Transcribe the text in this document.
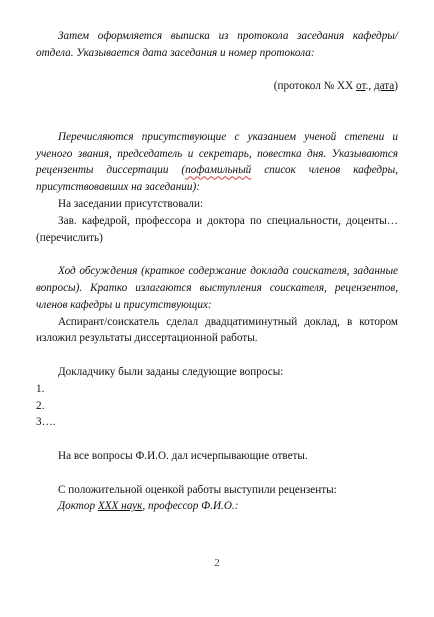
Затем оформляется выписка из протокола заседания кафедры/отдела. Указывается дата заседания и номер протокола:

(протокол № ХХ от., дата)

Перечисляются присутствующие с указанием ученой степени и ученого звания, председатель и секретарь, повестка дня. Указываются рецензенты диссертации (пофамильный список членов кафедры, присутствовавших на заседании):

На заседании присутствовали:

Зав. кафедрой, профессора и доктора по специальности, доценты… (перечислить)

Ход обсуждения (краткое содержание доклада соискателя, заданные вопросы). Кратко излагаются выступления соискателя, рецензентов, членов кафедры и присутствующих:

Аспирант/соискатель сделал двадцатиминутный доклад, в котором изложил результаты диссертационной работы.

Докладчику были заданы следующие вопросы:

1.

2.

3….

На все вопросы Ф.И.О. дал исчерпывающие ответы.

С положительной оценкой работы выступили рецензенты:

Доктор ХХХ наук, профессор Ф.И.О.:

2
